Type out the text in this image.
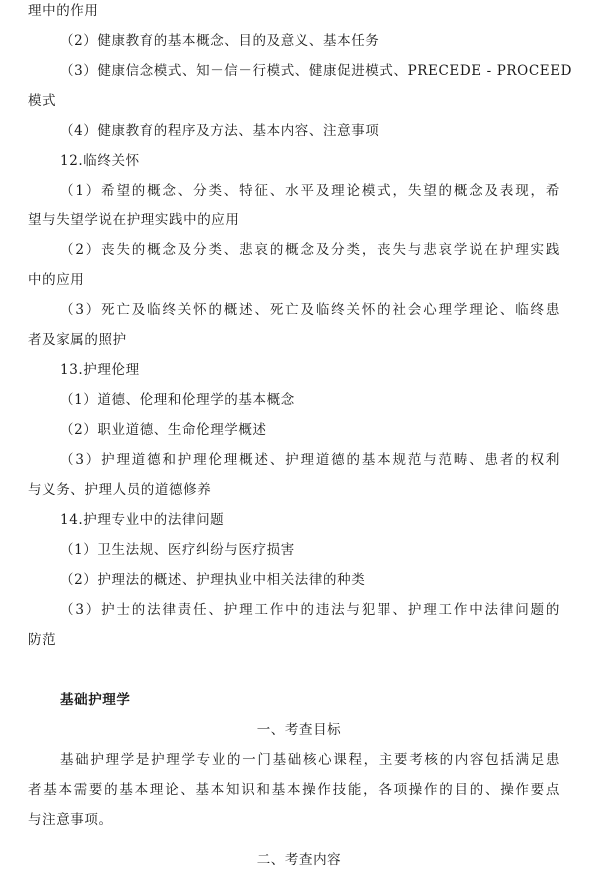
理中的作用
（2）健康教育的基本概念、目的及意义、基本任务
（3）健康信念模式、知－信－行模式、健康促进模式、PRECEDE - PROCEED
模式
（4）健康教育的程序及方法、基本内容、注意事项
12.临终关怀
（1）希望的概念、分类、特征、水平及理论模式，失望的概念及表现，希
望与失望学说在护理实践中的应用
（2）丧失的概念及分类、悲哀的概念及分类，丧失与悲哀学说在护理实践
中的应用
（3）死亡及临终关怀的概述、死亡及临终关怀的社会心理学理论、临终患
者及家属的照护
13.护理伦理
（1）道德、伦理和伦理学的基本概念
（2）职业道德、生命伦理学概述
（3）护理道德和护理伦理概述、护理道德的基本规范与范畴、患者的权利
与义务、护理人员的道德修养
14.护理专业中的法律问题
（1）卫生法规、医疗纠纷与医疗损害
（2）护理法的概述、护理执业中相关法律的种类
（3）护士的法律责任、护理工作中的违法与犯罪、护理工作中法律问题的
防范
基础护理学
一、考查目标
基础护理学是护理学专业的一门基础核心课程，主要考核的内容包括满足患
者基本需要的基本理论、基本知识和基本操作技能，各项操作的目的、操作要点
与注意事项。
二、考查内容
